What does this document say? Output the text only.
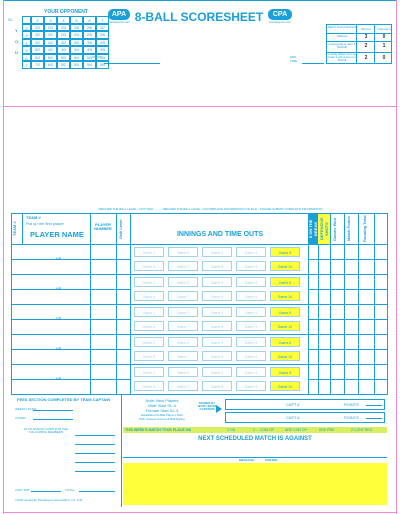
YOUR OPPONENT
SL
Y
O
U
2	3	4	5	6	7
2	2/2	2/3	2/4	2/5	2/6	2/7
3	3/2	2/2	2/3	2/4	2/5	2/6
4	4/2	3/2	3/3	3/4	3/5	2/5
5	5/2	4/2	4/3	4/4	4/5	3/5
6	6/2	5/2	5/3	5/4	5/5	4/5
7	7/2	6/2	5/2	5/3	5/4	5/5
START
TIME
APA
poolplayers.com 8-BALL SCORESHEET	CPA
poolplayers.com
END
TIME
Match Points Earned	Winner	Opponent
Shutout	3	0
Losing player won 1 (hill-hill)	2	1
Losing player won at least 1 game but not hill-hill	2	0
• BEFORE THE BALL LEVEL • NOT PAID ........ • BEFORE THE BALL LEVEL • INCOMPLETE INFORMATION ON FILE - PLEASE SUBMIT COMPLETE INFORMATION
TEAM #
TEAM #
Put up the first player
PLAYER NAME
PLAYER NUMBER	Skill Level	INNINGS AND TIME OUTS	8 ON THE BREAK DEFENSIVE SHOTS Games Won	Match Points	Running Total
VS.
Game 1	Game 2	Game 3	Game 4	Game 5
Game 6	Game 7	Game 8	Game 9	Game 10
VS.
Game 1	Game 2	Game 3	Game 4	Game 5
Game 6	Game 7	Game 8	Game 9	Game 10
VS.
Game 1	Game 2	Game 3	Game 4	Game 5
Game 6	Game 7	Game 8	Game 9	Game 10
VS.
Game 1	Game 2	Game 3	Game 4	Game 5
Game 6	Game 7	Game 8	Game 9	Game 10
VS.
Game 1	Game 2	Game 3	Game 4	Game 5
Game 6	Game 7	Game 8	Game 9	Game 10
FEES SECTION COMPLETED BY TEAM CAPTAIN
WEEKLY DUES
OTHER
PLUS ANNUAL DUES FOR THE FOLLOWING MEMBERS
CAPT INIT	TOTAL
©2011 American Poolplayers Association, Inc. 1/11
Note: New Players
Male Start SL-4
Female Start SL-3
Established 8-Ball Players Start
With Closest Current 8-Ball Rating
SIGNED BY BOTH TEAM CAPTAINS
CAPT.#	POINTS
CAPT.#	POINTS
THIS WEEK'S MATCH TOOK PLACE ON	1 ON	2 ... COM OP	ARE CON OP	ARE PRE	2 CONF REG
NEXT SCHEDULED MATCH IS AGAINST
MESSAGE	CENTER
